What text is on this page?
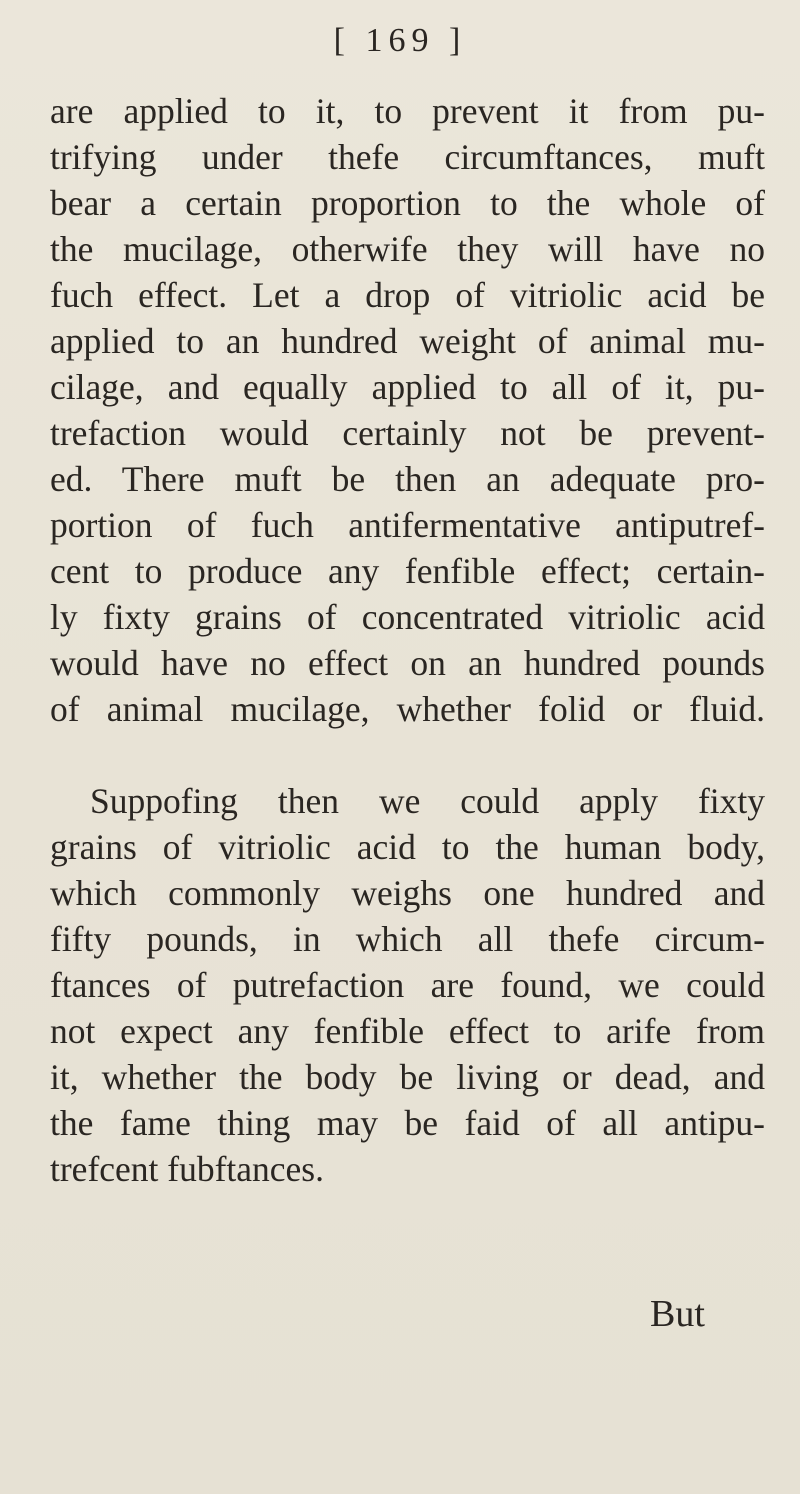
[ 169 ]
are applied to it, to prevent it from pu-
trifying under thefe circumftances, muft
bear a certain proportion to the whole of
the mucilage, otherwife they will have no
fuch effect. Let a drop of vitriolic acid be
applied to an hundred weight of animal mu-
cilage, and equally applied to all of it, pu-
trefaction would certainly not be prevent-
ed. There muft be then an adequate pro-
portion of fuch antifermentative antiputref-
cent to produce any fenfible effect; certain-
ly fixty grains of concentrated vitriolic acid
would have no effect on an hundred pounds
of animal mucilage, whether folid or fluid.
Suppofing then we could apply fixty
grains of vitriolic acid to the human body,
which commonly weighs one hundred and
fifty pounds, in which all thefe circum-
ftances of putrefaction are found, we could
not expect any fenfible effect to arife from
it, whether the body be living or dead, and
the fame thing may be faid of all antipu-
trefcent fubftances.
But
